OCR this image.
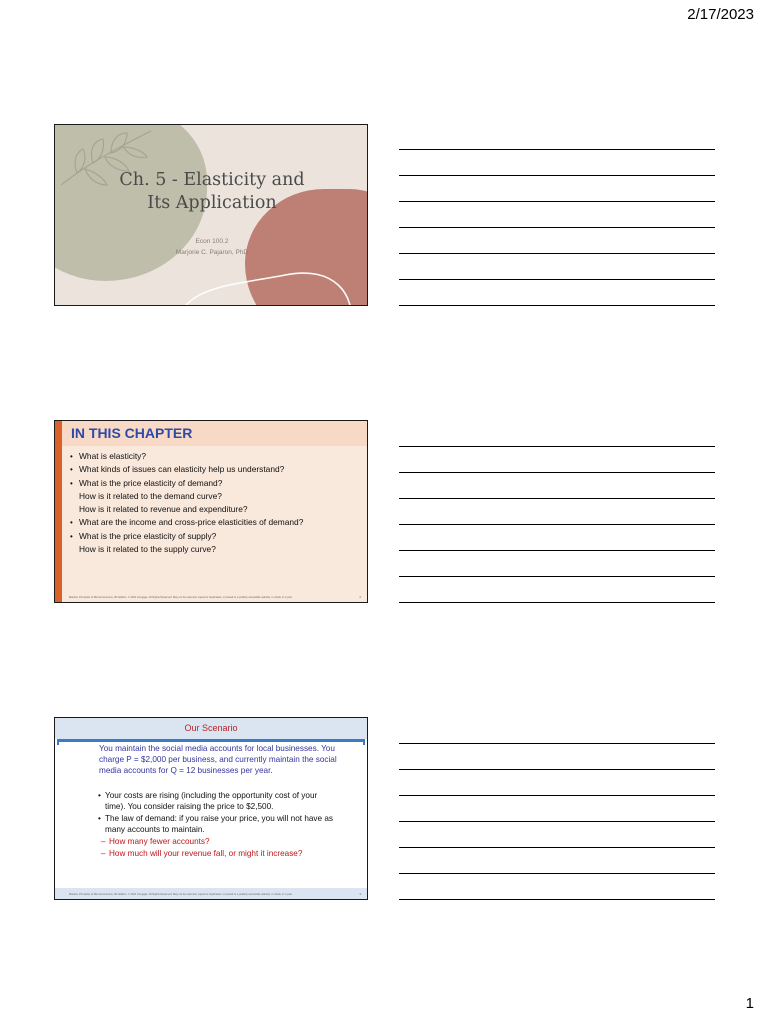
2/17/2023
1
Ch. 5 - Elasticity and
Its Application
Econ 100.2
Marjorie C. Pajaron, PhD
IN THIS CHAPTER
• What is elasticity?
• What kinds of issues can elasticity help us understand?
• What is the price elasticity of demand?
How is it related to the demand curve?
How is it related to revenue and expenditure?
• What are the income and cross-price elasticities of demand?
• What is the price elasticity of supply?
How is it related to the supply curve?
Mankiw, Principles of Microeconomics, 9th Edition. © 2021 Cengage. All Rights Reserved. May not be scanned, copied or duplicated, or posted to a publicly accessible website, in whole or in part.	2
Our Scenario
You maintain the social media accounts for local businesses. You charge P = $2,000 per business, and currently maintain the social media accounts for Q = 12 businesses per year.
• Your costs are rising (including the opportunity cost of your time). You consider raising the price to $2,500.
• The law of demand: if you raise your price, you will not have as many accounts to maintain.
– How many fewer accounts?
– How much will your revenue fall, or might it increase?
Mankiw, Principles of Microeconomics, 9th Edition. © 2021 Cengage. All Rights Reserved. May not be scanned, copied or duplicated, or posted to a publicly accessible website, in whole or in part.	3
